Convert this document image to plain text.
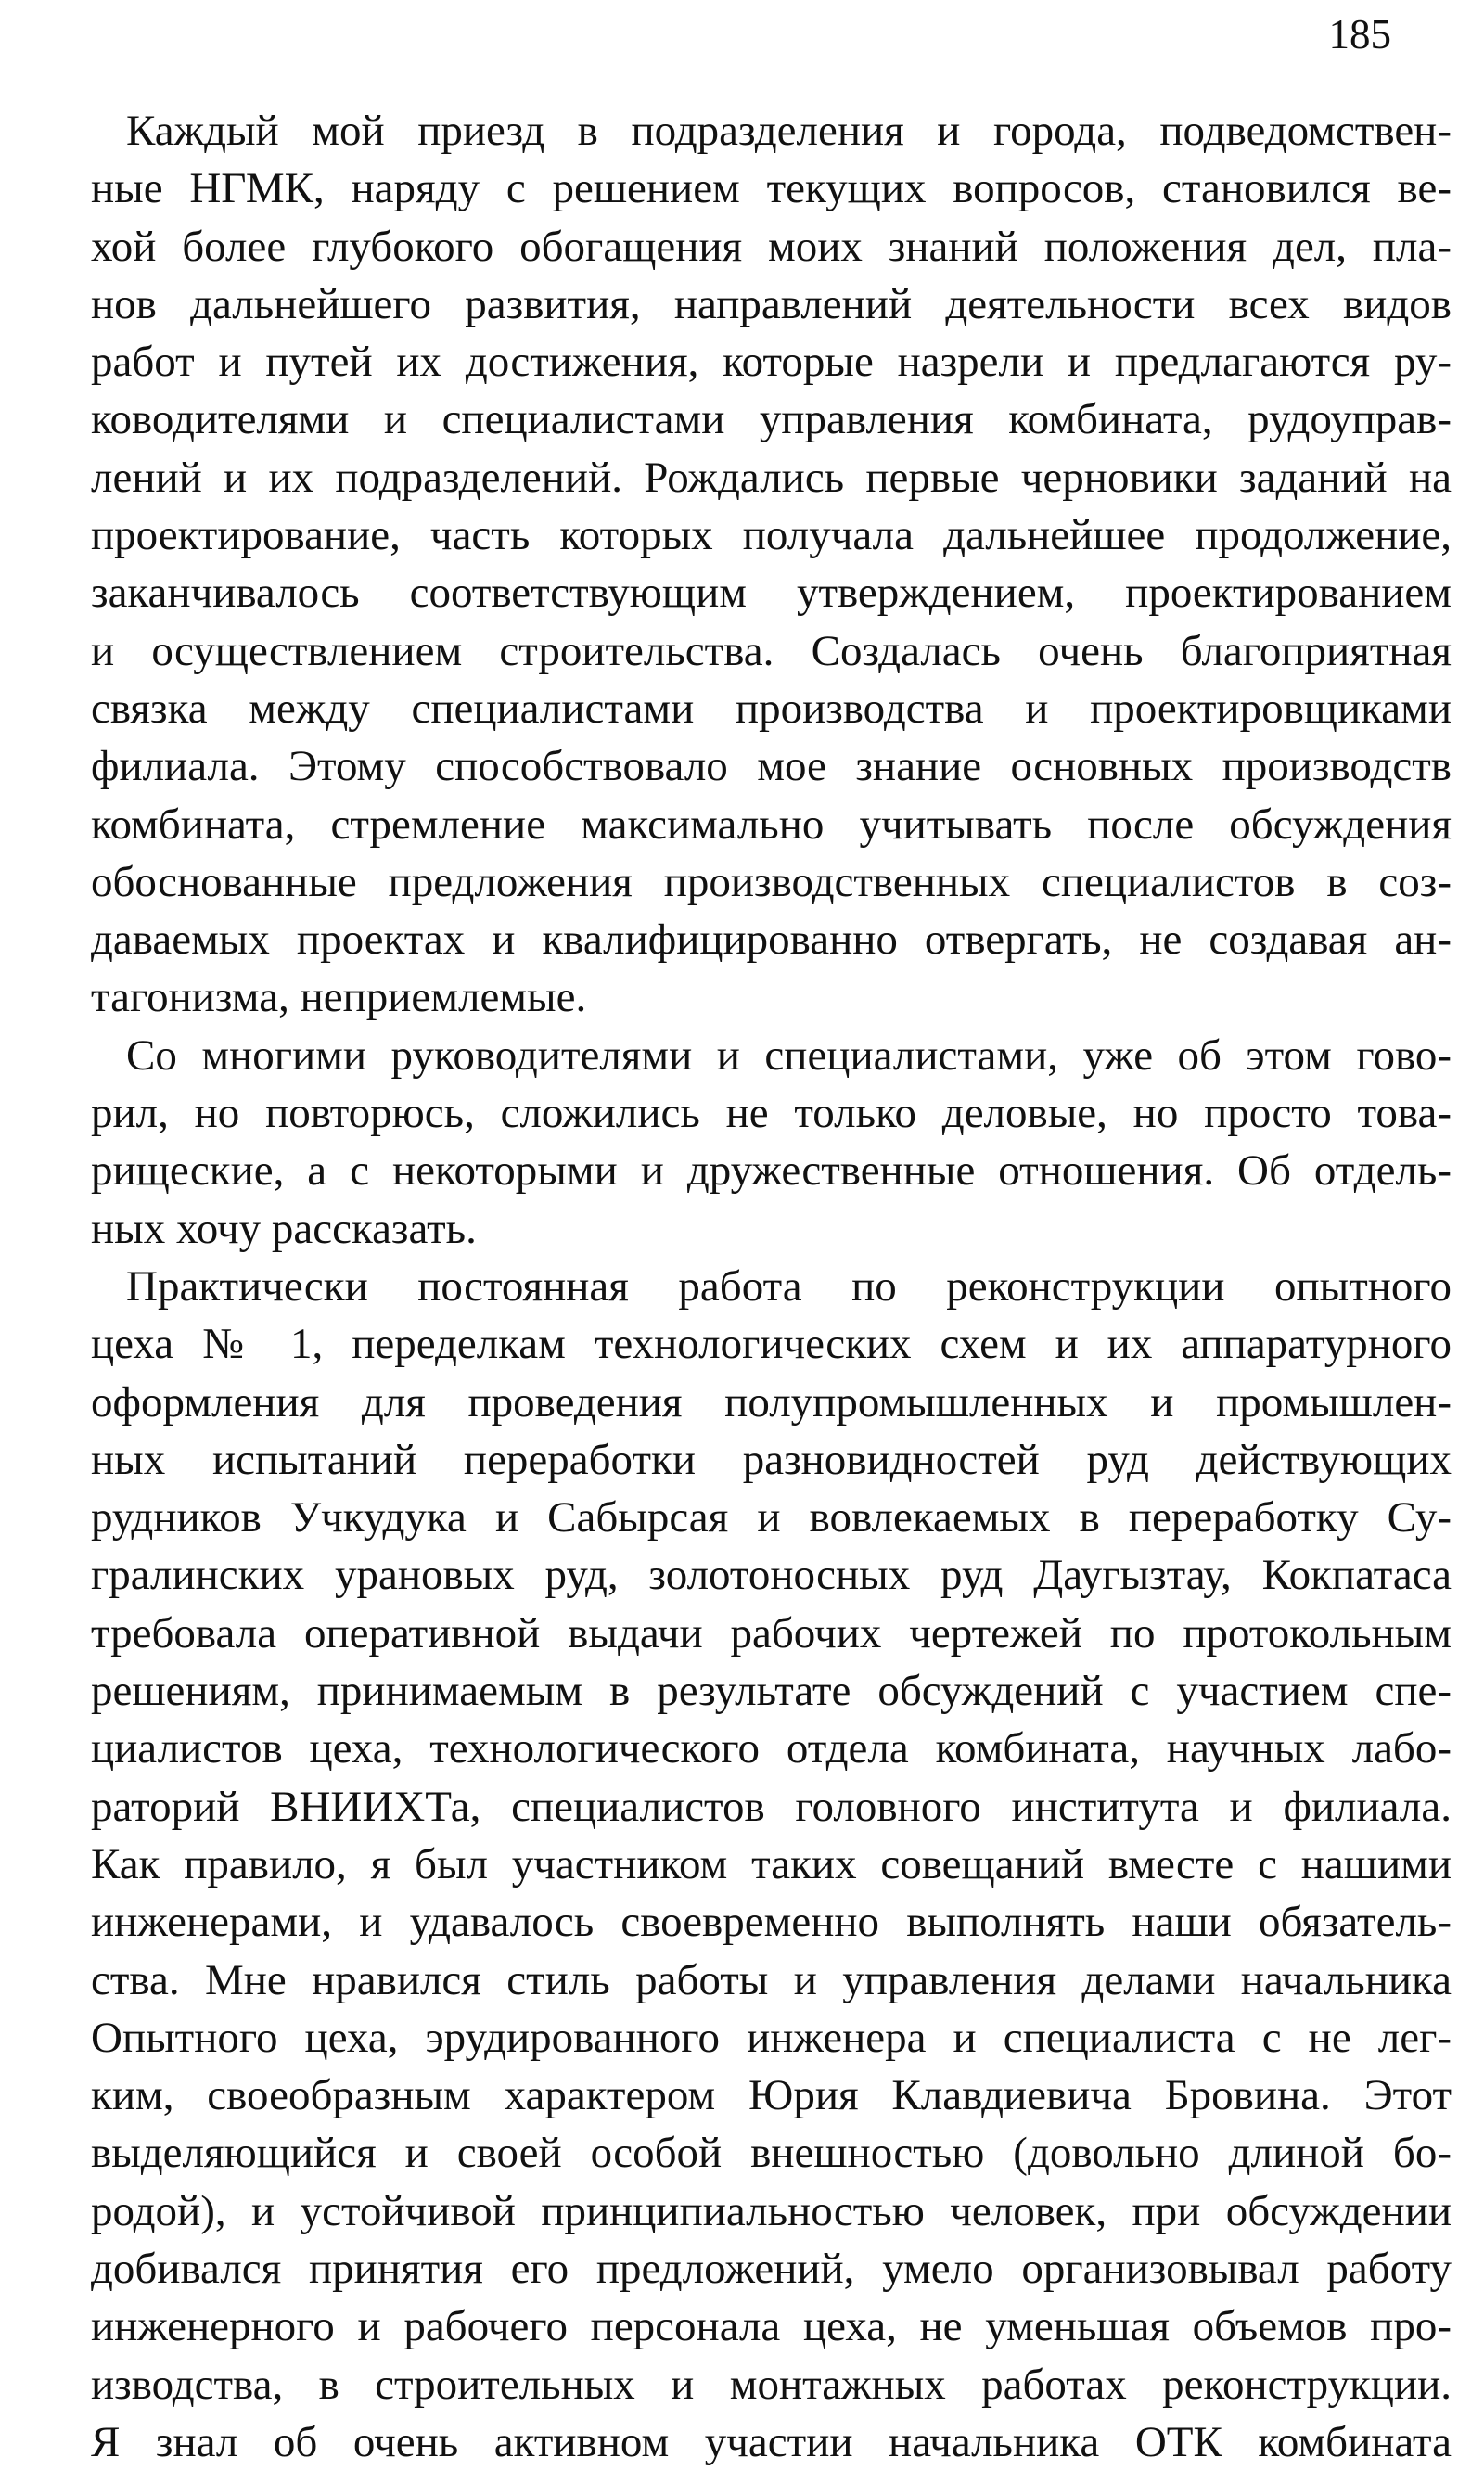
185
Каждый мой приезд в подразделения и города, подведомствен-
ные НГМК, наряду с решением текущих вопросов, становился ве-
хой более глубокого обогащения моих знаний положения дел, пла-
нов дальнейшего развития, направлений деятельности всех видов
работ и путей их достижения, которые назрели и предлагаются ру-
ководителями и специалистами управления комбината, рудоуправ-
лений и их подразделений. Рождались первые черновики заданий на
проектирование, часть которых получала дальнейшее продолжение,
заканчивалось соответствующим утверждением, проектированием
и осуществлением строительства. Создалась очень благоприятная
связка между специалистами производства и проектировщиками
филиала. Этому способствовало мое знание основных производств
комбината, стремление максимально учитывать после обсуждения
обоснованные предложения производственных специалистов в соз-
даваемых проектах и квалифицированно отвергать, не создавая ан-
тагонизма, неприемлемые.
Со многими руководителями и специалистами, уже об этом гово-
рил, но повторюсь, сложились не только деловые, но просто това-
рищеские, а с некоторыми и дружественные отношения. Об отдель-
ных хочу рассказать.
Практически постоянная работа по реконструкции опытного
цеха № 1, переделкам технологических схем и их аппаратурного
оформления для проведения полупромышленных и промышлен-
ных испытаний переработки разновидностей руд действующих
рудников Учкудука и Сабырсая и вовлекаемых в переработку Су-
гралинских урановых руд, золотоносных руд Даугызтау, Кокпатаса
требовала оперативной выдачи рабочих чертежей по протокольным
решениям, принимаемым в результате обсуждений с участием спе-
циалистов цеха, технологического отдела комбината, научных лабо-
раторий ВНИИХТа, специалистов головного института и филиала.
Как правило, я был участником таких совещаний вместе с нашими
инженерами, и удавалось своевременно выполнять наши обязатель-
ства. Мне нравился стиль работы и управления делами начальника
Опытного цеха, эрудированного инженера и специалиста с не лег-
ким, своеобразным характером Юрия Клавдиевича Бровина. Этот
выделяющийся и своей особой внешностью (довольно длиной бо-
родой), и устойчивой принципиальностью человек, при обсуждении
добивался принятия его предложений, умело организовывал работу
инженерного и рабочего персонала цеха, не уменьшая объемов про-
изводства, в строительных и монтажных работах реконструкции.
Я знал об очень активном участии начальника ОТК комбината
